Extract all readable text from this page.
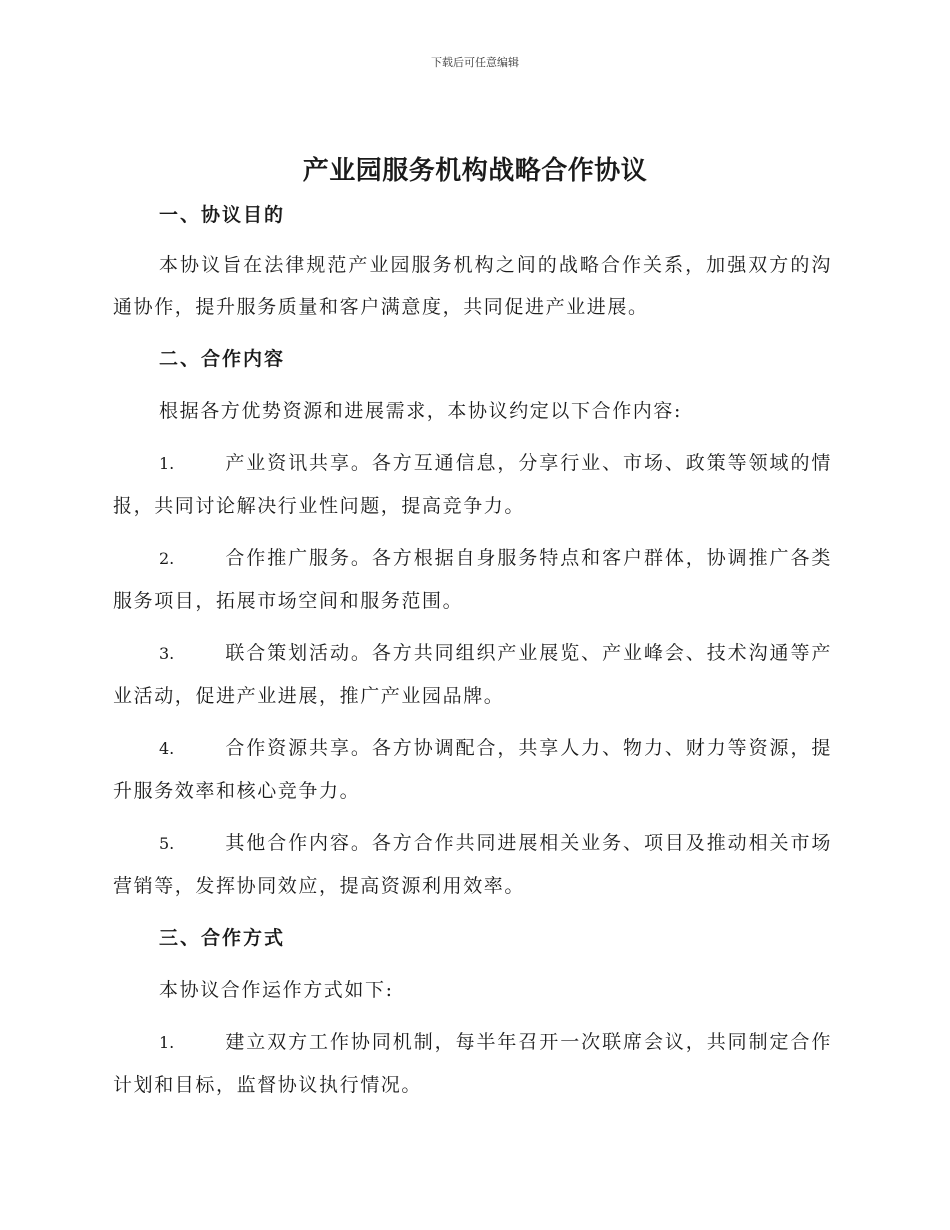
下载后可任意编辑
产业园服务机构战略合作协议

一、协议目的

本协议旨在法律规范产业园服务机构之间的战略合作关系，加强双方的沟通协作，提升服务质量和客户满意度，共同促进产业进展。

二、合作内容

根据各方优势资源和进展需求，本协议约定以下合作内容:

1.	产业资讯共享。各方互通信息，分享行业、市场、政策等领域的情报，共同讨论解决行业性问题，提高竞争力。

2.	合作推广服务。各方根据自身服务特点和客户群体，协调推广各类服务项目，拓展市场空间和服务范围。

3.	联合策划活动。各方共同组织产业展览、产业峰会、技术沟通等产业活动，促进产业进展，推广产业园品牌。

4.	合作资源共享。各方协调配合，共享人力、物力、财力等资源，提升服务效率和核心竞争力。

5.	其他合作内容。各方合作共同进展相关业务、项目及推动相关市场营销等，发挥协同效应，提高资源利用效率。

三、合作方式

本协议合作运作方式如下:

1.	建立双方工作协同机制，每半年召开一次联席会议，共同制定合作计划和目标，监督协议执行情况。
